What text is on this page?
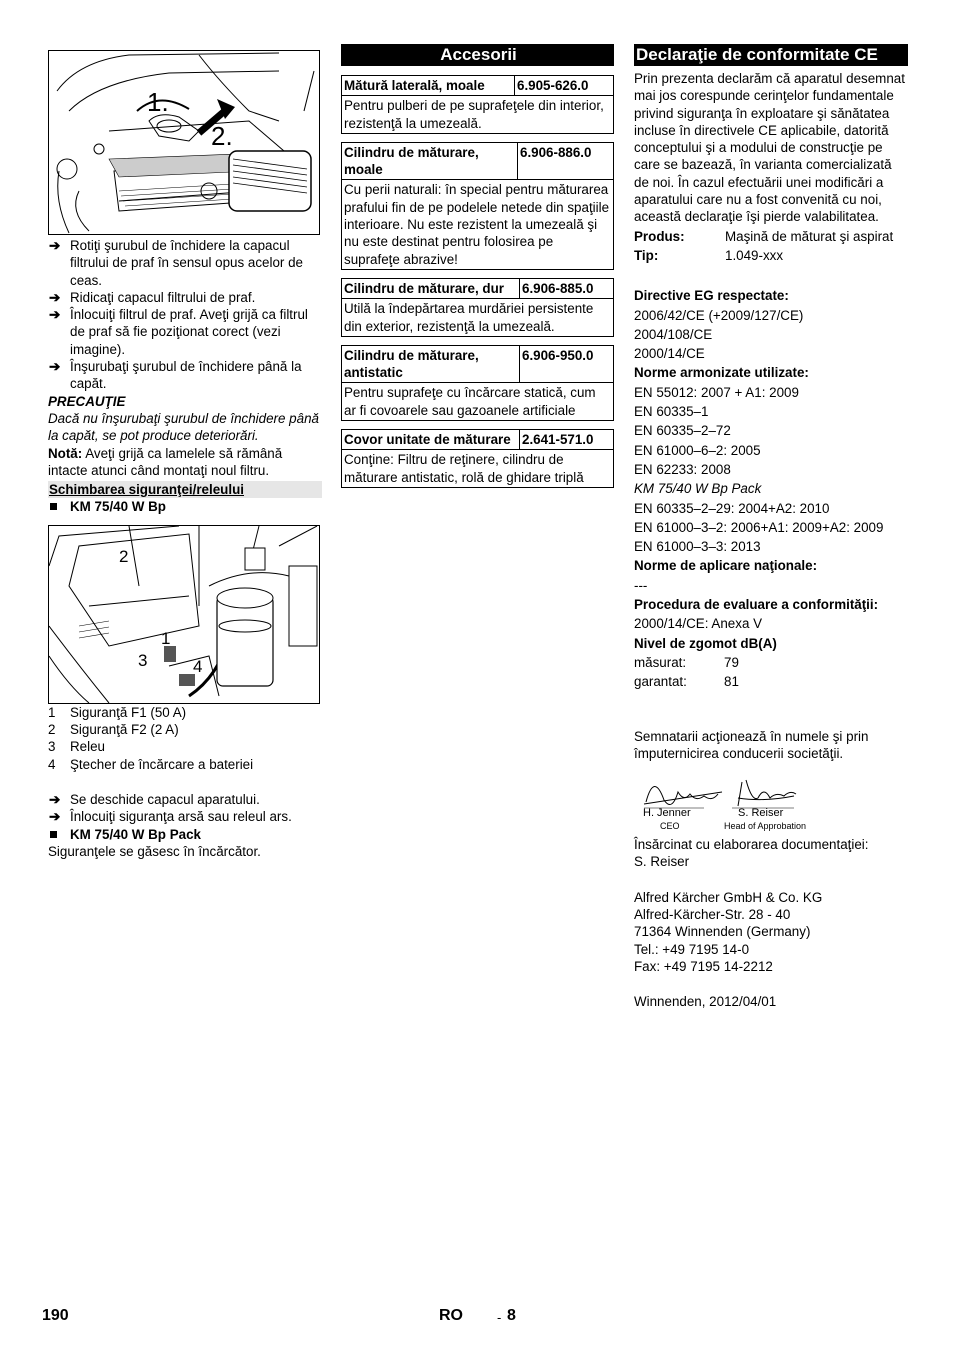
1.
2.
➔ Rotiţi şurubul de închidere la capacul filtrului de praf în sensul opus acelor de ceas.
➔ Ridicaţi capacul filtrului de praf.
➔ Înlocuiţi filtrul de praf. Aveţi grijă ca filtrul de praf să fie poziţionat corect (vezi imagine).
➔ Înşurubaţi şurubul de închidere până la capăt.
PRECAUŢIE
Dacă nu înşurubaţi şurubul de închidere până la capăt, se pot produce deteriorări.
Notă: Aveţi grijă ca lamelele să rămână intacte atunci când montaţi noul filtru.
Schimbarea siguranţei/releului
KM 75/40 W Bp
2
1
3	4
1 Siguranţă F1 (50 A)
2 Siguranţă F2 (2 A)
3 Releu
4 Ştecher de încărcare a bateriei
➔ Se deschide capacul aparatului.
➔ Înlocuiţi siguranţa arsă sau releul ars.
KM 75/40 W Bp Pack
Siguranţele se găsesc în încărcător.
Accesorii
Mătură laterală, moale	6.905-626.0
Pentru pulberi de pe suprafeţele din interior, rezistenţă la umezeală.
Cilindru de măturare, moale	6.906-886.0
Cu perii naturali: în special pentru măturarea prafului fin de pe podelele netede din spaţiile interioare. Nu este rezistent la umezeală şi nu este destinat pentru folosirea pe suprafeţe abrazive!
Cilindru de măturare, dur	6.906-885.0
Utilă la îndepărtarea murdăriei persistente din exterior, rezistenţă la umezeală.
Cilindru de măturare, antistatic	6.906-950.0
Pentru suprafeţe cu încărcare statică, cum ar fi covoarele sau gazoanele artificiale
Covor unitate de măturare	2.641-571.0
Conţine: Filtru de reţinere, cilindru de măturare antistatic, rolă de ghidare triplă
Declaraţie de conformitate CE
Prin prezenta declarăm că aparatul desemnat mai jos corespunde cerinţelor fundamentale privind siguranţa în exploatare şi sănătatea incluse în directivele CE aplicabile, datorită conceptului şi a modului de construcţie pe care se bazează, în varianta comercializată de noi. În cazul efectuării unei modificări a aparatului care nu a fost convenită cu noi, această declaraţie îşi pierde valabilitatea.
Produs:	Maşină de măturat şi aspirat
Tip:	1.049-xxx
Directive EG respectate:
2006/42/CE (+2009/127/CE)
2004/108/CE
2000/14/CE
Norme armonizate utilizate:
EN 55012: 2007 + A1: 2009
EN 60335–1
EN 60335–2–72
EN 61000–6–2: 2005
EN 62233: 2008
KM 75/40 W Bp Pack
EN 60335–2–29: 2004+A2: 2010
EN 61000–3–2: 2006+A1: 2009+A2: 2009
EN 61000–3–3: 2013
Norme de aplicare naţionale:
---
Procedura de evaluare a conformităţii:
2000/14/CE: Anexa V
Nivel de zgomot dB(A)
măsurat:	79
garantat:	81
Semnatarii acţionează în numele şi prin împuternicirea conducerii societăţii.
H. Jenner
CEO
S. Reiser
Head of Approbation
Însărcinat cu elaborarea documentaţiei:
S. Reiser
Alfred Kärcher GmbH & Co. KG
Alfred-Kärcher-Str. 28 - 40
71364 Winnenden (Germany)
Tel.: +49 7195 14-0
Fax: +49 7195 14-2212
Winnenden, 2012/04/01
190	RO	- 8
